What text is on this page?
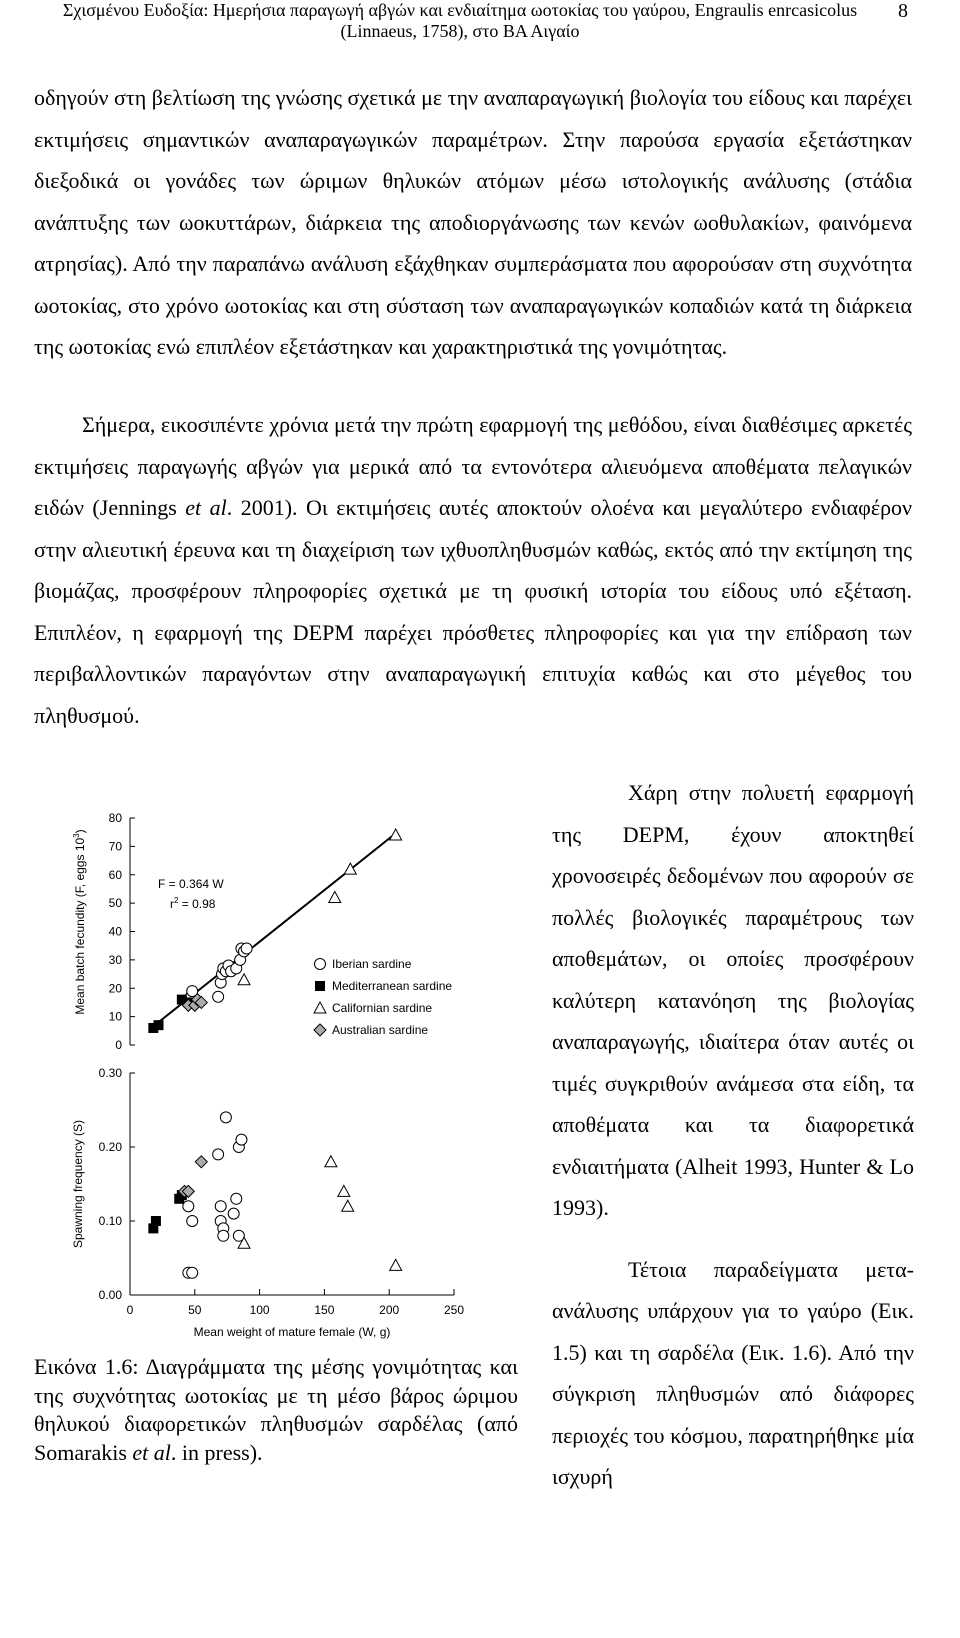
Σχισμένου Ευδοξία: Ημερήσια παραγωγή αβγών και ενδιαίτημα ωοτοκίας του γαύρου, Engraulis enrcasicolus (Linnaeus, 1758), στο ΒΑ Αιγαίο
8
οδηγούν στη βελτίωση της γνώσης σχετικά με την αναπαραγωγική βιολογία του είδους και παρέχει εκτιμήσεις σημαντικών αναπαραγωγικών παραμέτρων. Στην παρούσα εργασία εξετάστηκαν διεξοδικά οι γονάδες των ώριμων θηλυκών ατόμων μέσω ιστολογικής ανάλυσης (στάδια ανάπτυξης των ωοκυττάρων, διάρκεια της αποδιοργάνωσης των κενών ωοθυλακίων, φαινόμενα ατρησίας). Από την παραπάνω ανάλυση εξάχθηκαν συμπεράσματα που αφορούσαν στη συχνότητα ωοτοκίας, στο χρόνο ωοτοκίας και στη σύσταση των αναπαραγωγικών κοπαδιών κατά τη διάρκεια της ωοτοκίας ενώ επιπλέον εξετάστηκαν και χαρακτηριστικά της γονιμότητας.
Σήμερα, εικοσιπέντε χρόνια μετά την πρώτη εφαρμογή της μεθόδου, είναι διαθέσιμες αρκετές εκτιμήσεις παραγωγής αβγών για μερικά από τα εντονότερα αλιευόμενα αποθέματα πελαγικών ειδών (Jennings et al. 2001). Οι εκτιμήσεις αυτές αποκτούν ολοένα και μεγαλύτερο ενδιαφέρον στην αλιευτική έρευνα και τη διαχείριση των ιχθυοπληθυσμών καθώς, εκτός από την εκτίμηση της βιομάζας, προσφέρουν πληροφορίες σχετικά με τη φυσική ιστορία του είδους υπό εξέταση. Επιπλέον, η εφαρμογή της DEPM παρέχει πρόσθετες πληροφορίες και για την επίδραση των περιβαλλοντικών παραγόντων στην αναπαραγωγική επιτυχία καθώς και στο μέγεθος του πληθυσμού.

Χάρη στην πολυετή εφαρμογή της DEPM, έχουν αποκτηθεί χρονοσειρές δεδομένων που αφορούν σε πολλές βιολογικές παραμέτρους των αποθεμάτων, οι οποίες προσφέρουν καλύτερη κατανόηση της βιολογίας αναπαραγωγής, ιδιαίτερα όταν αυτές οι τιμές συγκριθούν ανάμεσα στα είδη, τα αποθέματα και τα διαφορετικά ενδιαιτήματα (Alheit 1993, Hunter & Lo 1993).

Τέτοια παραδείγματα μετα-ανάλυσης υπάρχουν για το γαύρο (Εικ. 1.5) και τη σαρδέλα (Εικ. 1.6). Από την σύγκριση πληθυσμών από διάφορες περιοχές του κόσμου, παρατηρήθηκε μία ισχυρή

0
10
20
30
40
50
60
70
80
Mean batch fecundity (F, eggs $10^3$)
F = 0.364 W
$r^2 = 0.98$
Iberian sardine
Mediterranean sardine
Californian sardine
Australian sardine
0.00
0.10
0.20
0.30
0	50	100	150	200	250
Spawning frequency (S)
Mean weight of mature female (W, g)
Εικόνα 1.6: Διαγράμματα της μέσης γονιμότητας και της συχνότητας ωοτοκίας με τη μέσο βάρος ώριμου θηλυκού διαφορετικών πληθυσμών σαρδέλας (από Somarakis et al. in press).
